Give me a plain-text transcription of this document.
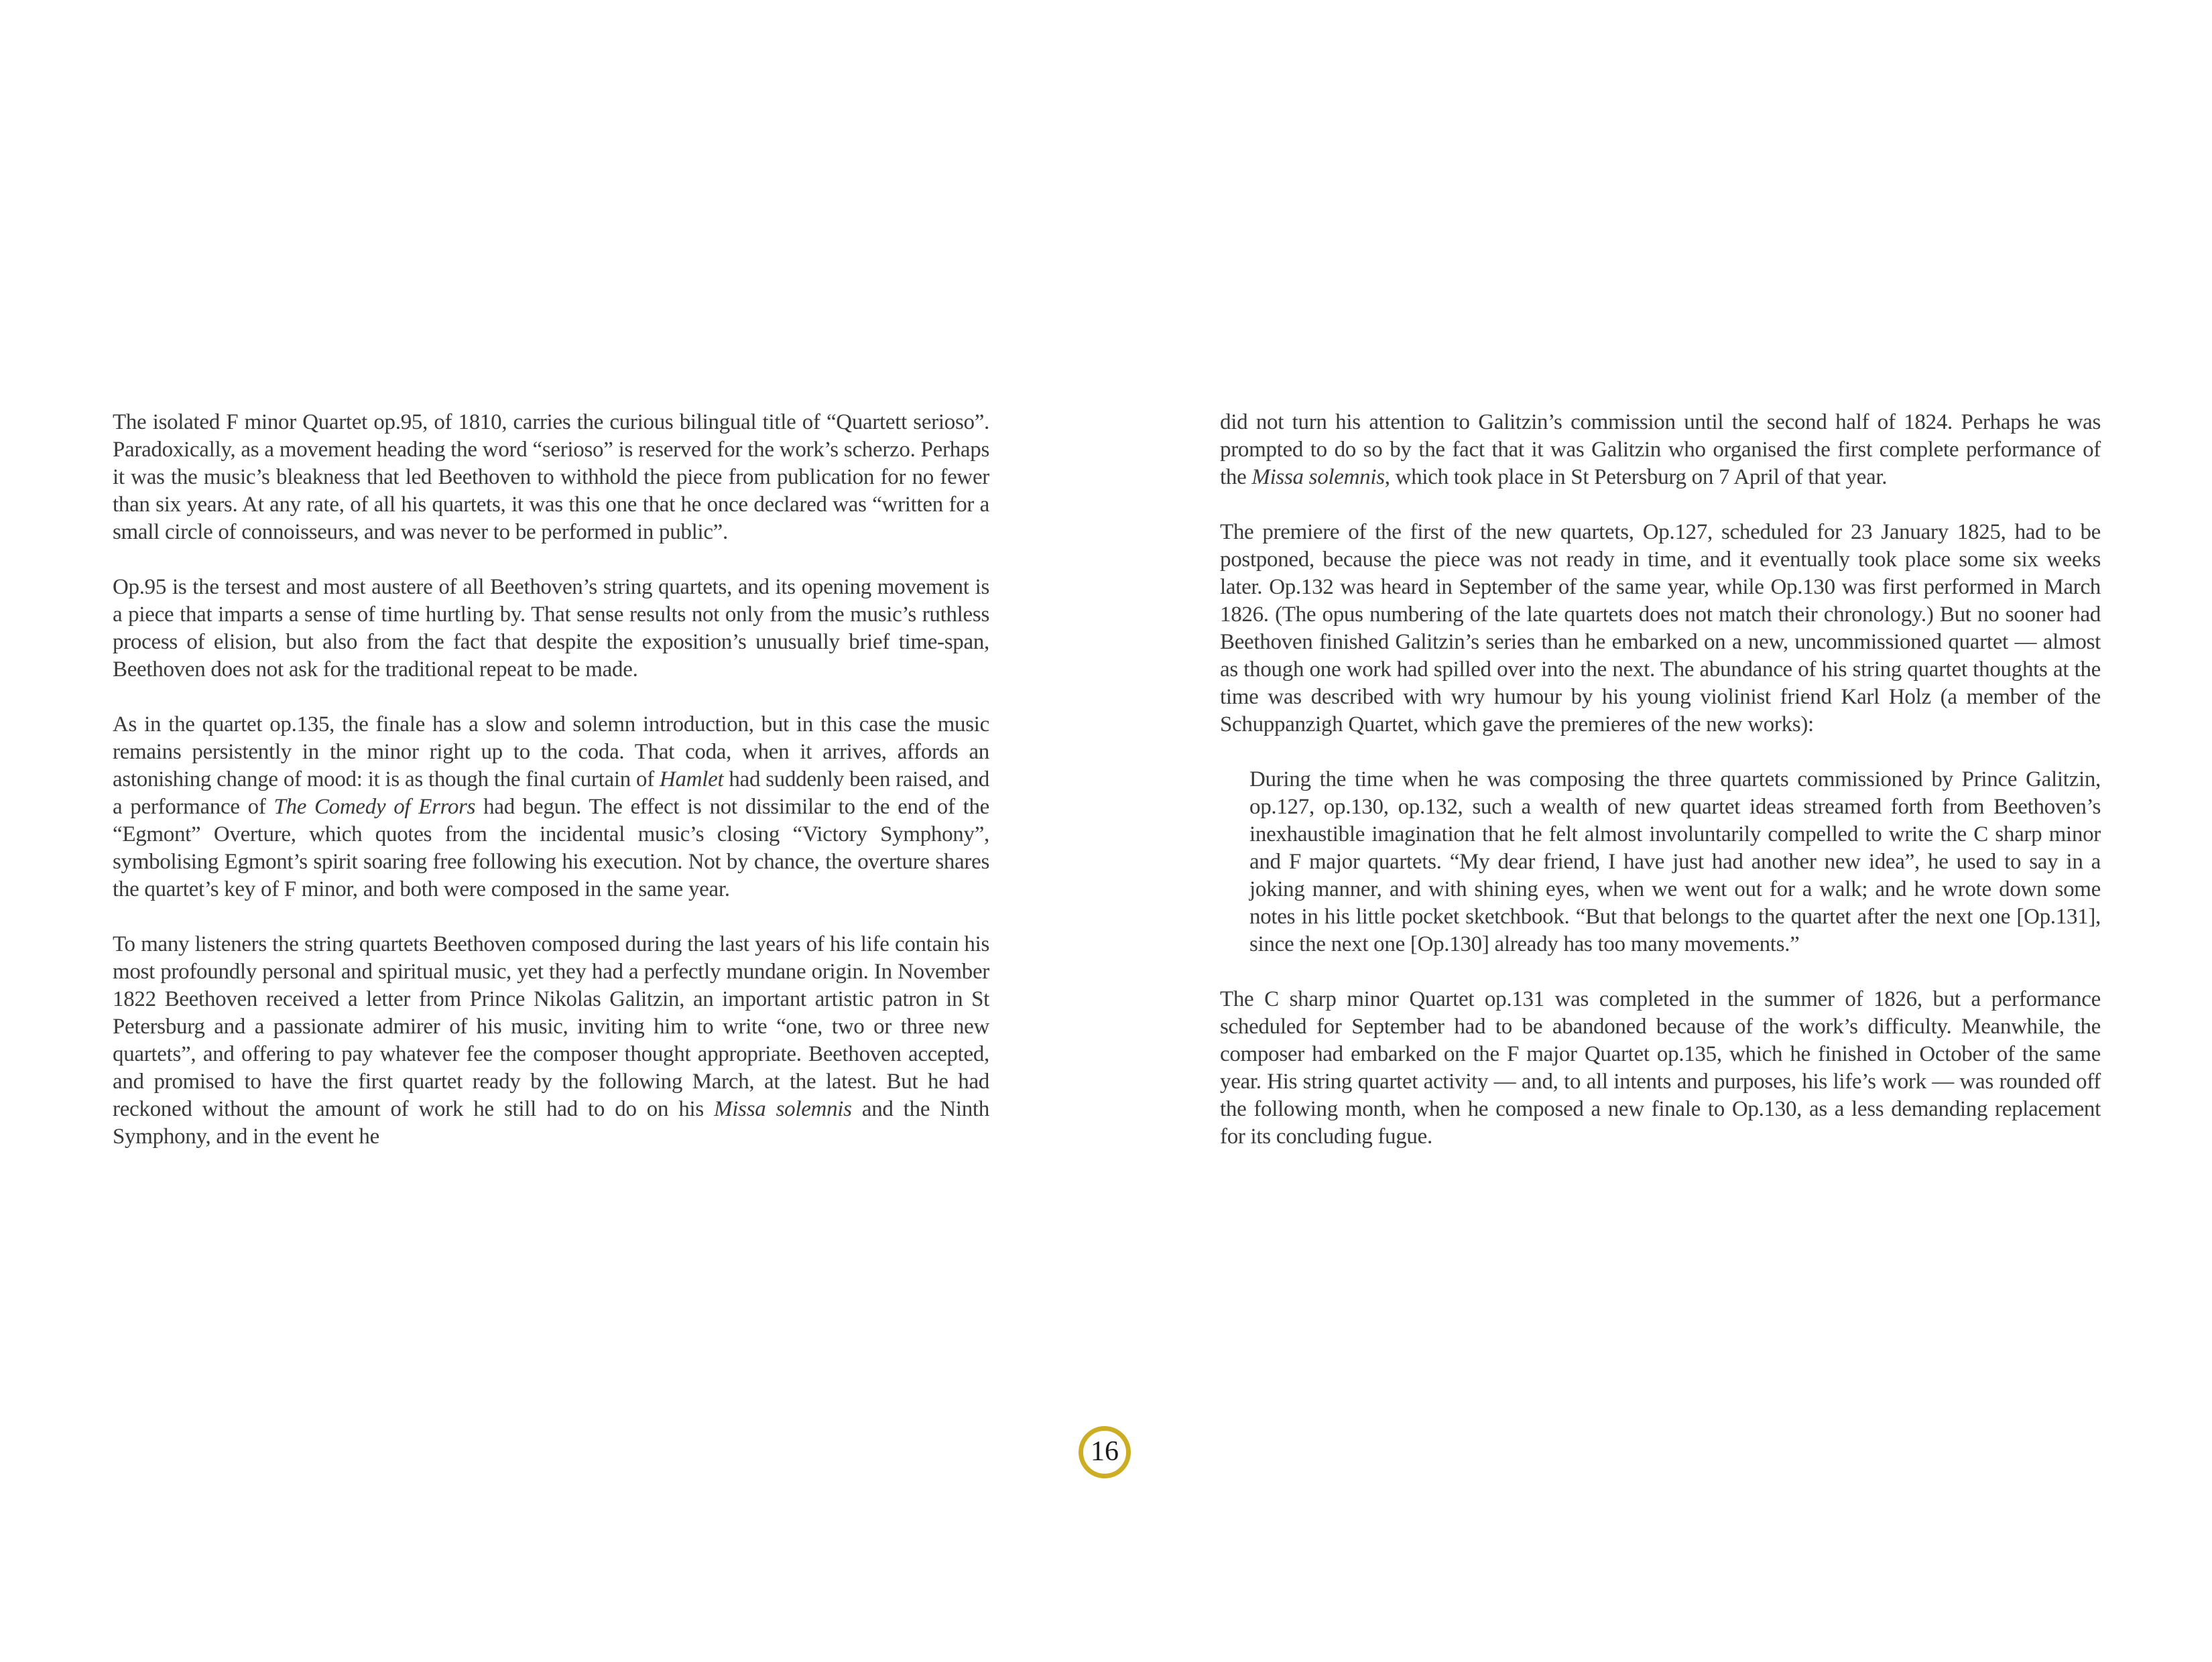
The isolated F minor Quartet op.95, of 1810, carries the curious bilingual title of “Quartett serioso”. Paradoxically, as a movement heading the word “serioso” is reserved for the work’s scherzo. Perhaps it was the music’s bleakness that led Beethoven to withhold the piece from publication for no fewer than six years. At any rate, of all his quartets, it was this one that he once declared was “written for a small circle of connoisseurs, and was never to be performed in public”.

Op.95 is the tersest and most austere of all Beethoven’s string quartets, and its opening movement is a piece that imparts a sense of time hurtling by. That sense results not only from the music’s ruthless process of elision, but also from the fact that despite the exposition’s unusually brief time-span, Beethoven does not ask for the traditional repeat to be made.

As in the quartet op.135, the finale has a slow and solemn introduction, but in this case the music remains persistently in the minor right up to the coda. That coda, when it arrives, affords an astonishing change of mood: it is as though the final curtain of Hamlet had suddenly been raised, and a performance of The Comedy of Errors had begun. The effect is not dissimilar to the end of the “Egmont” Overture, which quotes from the incidental music’s closing “Victory Symphony”, symbolising Egmont’s spirit soaring free following his execution. Not by chance, the overture shares the quartet’s key of F minor, and both were composed in the same year.

To many listeners the string quartets Beethoven composed during the last years of his life contain his most profoundly personal and spiritual music, yet they had a perfectly mundane origin. In November 1822 Beethoven received a letter from Prince Nikolas Galitzin, an important artistic patron in St Petersburg and a passionate admirer of his music, inviting him to write “one, two or three new quartets”, and offering to pay whatever fee the composer thought appropriate. Beethoven accepted, and promised to have the first quartet ready by the following March, at the latest. But he had reckoned without the amount of work he still had to do on his Missa solemnis and the Ninth Symphony, and in the event he

did not turn his attention to Galitzin’s commission until the second half of 1824. Perhaps he was prompted to do so by the fact that it was Galitzin who organised the first complete performance of the Missa solemnis, which took place in St Petersburg on 7 April of that year.

The premiere of the first of the new quartets, Op.127, scheduled for 23 January 1825, had to be postponed, because the piece was not ready in time, and it eventually took place some six weeks later. Op.132 was heard in September of the same year, while Op.130 was first performed in March 1826. (The opus numbering of the late quartets does not match their chronology.) But no sooner had Beethoven finished Galitzin’s series than he embarked on a new, uncommissioned quartet — almost as though one work had spilled over into the next. The abundance of his string quartet thoughts at the time was described with wry humour by his young violinist friend Karl Holz (a member of the Schuppanzigh Quartet, which gave the premieres of the new works):

During the time when he was composing the three quartets commissioned by Prince Galitzin, op.127, op.130, op.132, such a wealth of new quartet ideas streamed forth from Beethoven’s inexhaustible imagination that he felt almost involuntarily compelled to write the C sharp minor and F major quartets. “My dear friend, I have just had another new idea”, he used to say in a joking manner, and with shining eyes, when we went out for a walk; and he wrote down some notes in his little pocket sketchbook. “But that belongs to the quartet after the next one [Op.131], since the next one [Op.130] already has too many movements.”

The C sharp minor Quartet op.131 was completed in the summer of 1826, but a performance scheduled for September had to be abandoned because of the work’s difficulty. Meanwhile, the composer had embarked on the F major Quartet op.135, which he finished in October of the same year. His string quartet activity — and, to all intents and purposes, his life’s work — was rounded off the following month, when he composed a new finale to Op.130, as a less demanding replacement for its concluding fugue.

16
